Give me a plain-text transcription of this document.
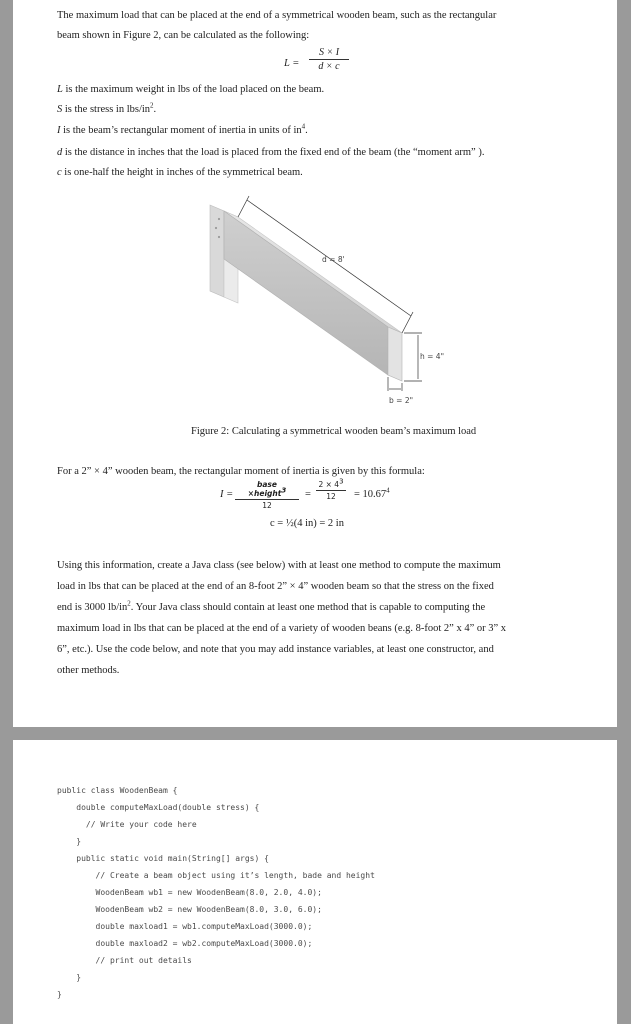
The maximum load that can be placed at the end of a symmetrical wooden beam, such as the rectangular

beam shown in Figure 2, can be calculated as the following:

L =
S × I
d × c

L is the maximum weight in lbs of the load placed on the beam.

S is the stress in lbs/$in^2$.

I is the beam’s rectangular moment of inertia in units of $in^4$.

d is the distance in inches that the load is placed from the fixed end of the beam (the “moment arm” ).

c is one-half the height in inches of the symmetrical beam.

d = 8'
h = 4"
b = 2"

Figure 2: Calculating a symmetrical wooden beam’s maximum load

For a 2” × 4” wooden beam, the rectangular moment of inertia is given by this formula:

I =
base ×height$^3$
12
=
$2 \times 4^3$
12	= $10.67^4$

c = ½(4 in) = 2 in

Using this information, create a Java class (see below) with at least one method to compute the maximum

load in lbs that can be placed at the end of an 8-foot 2” × 4” wooden beam so that the stress on the fixed

end is 3000 $lb/in^2$. Your Java class should contain at least one method that is capable to computing the

maximum load in lbs that can be placed at the end of a variety of wooden beans (e.g. 8-foot 2” x 4” or 3” x

6”, etc.). Use the code below, and note that you may add instance variables, at least one constructor, and

other methods.

public class WoodenBeam {
double computeMaxLoad(double stress) {
// Write your code here
}
public static void main(String[] args) {
// Create a beam object using it’s length, bade and height
WoodenBeam wb1 = new WoodenBeam(8.0, 2.0, 4.0);
WoodenBeam wb2 = new WoodenBeam(8.0, 3.0, 6.0);
double maxload1 = wb1.computeMaxLoad(3000.0);
double maxload2 = wb2.computeMaxLoad(3000.0);
// print out details
}
}
